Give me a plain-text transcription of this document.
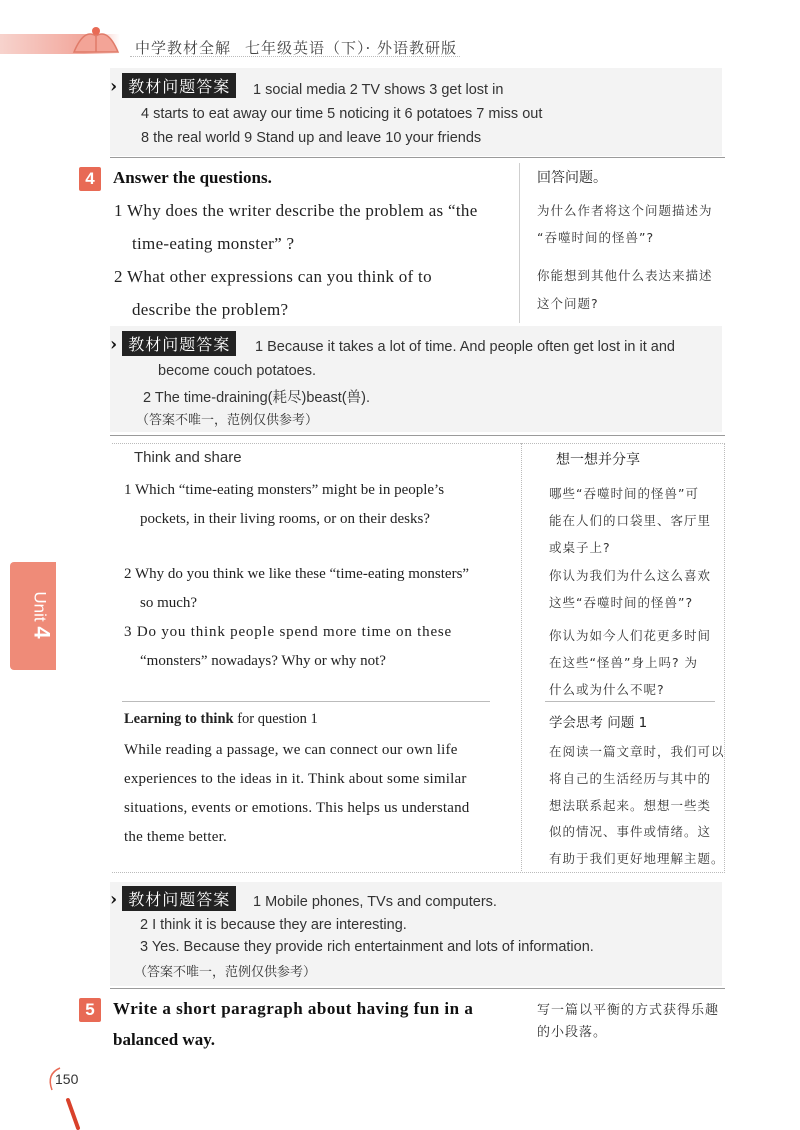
中学教材全解 七年级英语（下）· 外语教研版
› 教材问题答案	1 social media 2 TV shows 3 get lost in
4 starts to eat away our time 5 noticing it 6 potatoes 7 miss out
8 the real world 9 Stand up and leave 10 your friends
4	Answer the questions.
1 Why does the writer describe the problem as “the
time-eating monster” ?
2 What other expressions can you think of to
describe the problem?
回答问题。
为什么作者将这个问题描述为
“吞噬时间的怪兽”?
你能想到其他什么表达来描述
这个问题?
› 教材问题答案	1 Because it takes a lot of time. And people often get lost in it and
become couch potatoes.
2 The time-draining(耗尽)beast(兽).
（答案不唯一，范例仅供参考）
Think and share	想一想并分享
1 Which “time-eating monsters” might be in people’s
pockets, in their living rooms, or on their desks?
2 Why do you think we like these “time-eating monsters”
so much?
3 Do you think people spend more time on these
“monsters” nowadays? Why or why not?
哪些“吞噬时间的怪兽”可
能在人们的口袋里、客厅里
或桌子上?
你认为我们为什么这么喜欢
这些“吞噬时间的怪兽”?
你认为如今人们花更多时间
在这些“怪兽”身上吗? 为
什么或为什么不呢?
Learning to think for question 1
While reading a passage, we can connect our own life
experiences to the ideas in it. Think about some similar
situations, events or emotions. This helps us understand
the theme better.
学会思考 问题 1
在阅读一篇文章时，我们可以
将自己的生活经历与其中的
想法联系起来。想想一些类
似的情况、事件或情绪。这
有助于我们更好地理解主题。
› 教材问题答案	1 Mobile phones, TVs and computers.
2 I think it is because they are interesting.
3 Yes. Because they provide rich entertainment and lots of information.
（答案不唯一，范例仅供参考）
5	Write a short paragraph about having fun in a
balanced way.
写一篇以平衡的方式获得乐趣
的小段落。
Unit 4
150
